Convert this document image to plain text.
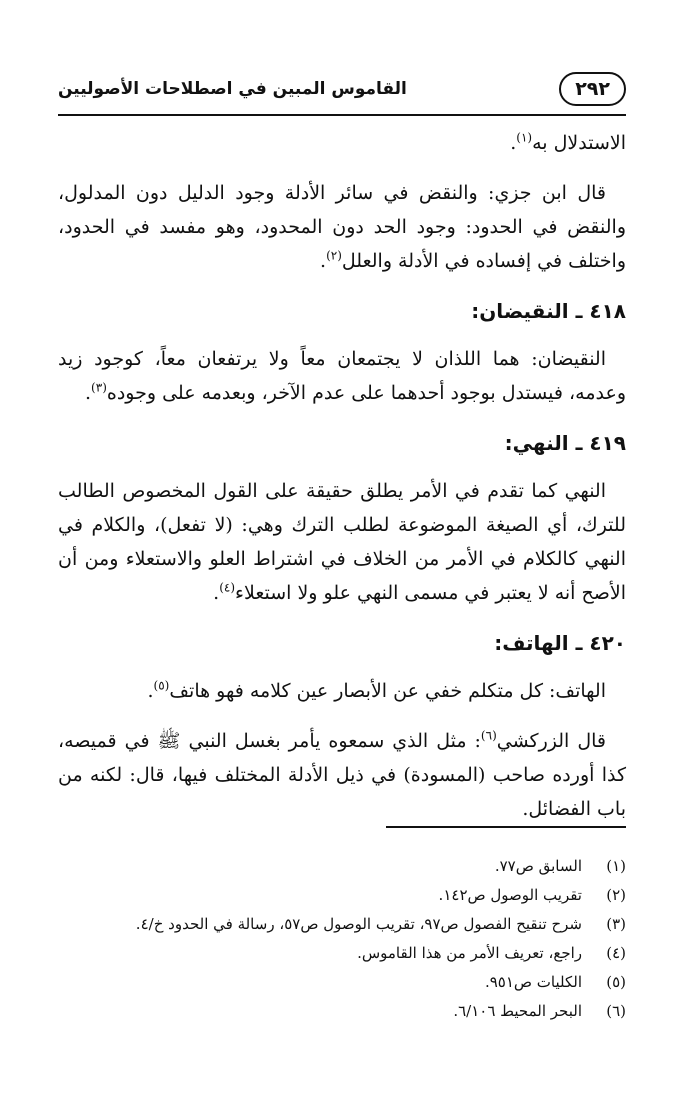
القاموس المبين في اصطلاحات الأصوليين	٢٩٢

الاستدلال به$^{(١)}$.

قال ابن جزي: والنقض في سائر الأدلة وجود الدليل دون المدلول، والنقض في الحدود: وجود الحد دون المحدود، وهو مفسد في الحدود، واختلف في إفساده في الأدلة والعلل$^{(٢)}$.

٤١٨ ـ النقيضان:

النقيضان: هما اللذان لا يجتمعان معاً ولا يرتفعان معاً، كوجود زيد وعدمه، فيستدل بوجود أحدهما على عدم الآخر، وبعدمه على وجوده$^{(٣)}$.

٤١٩ ـ النهي:

النهي كما تقدم في الأمر يطلق حقيقة على القول المخصوص الطالب للترك، أي الصيغة الموضوعة لطلب الترك وهي: (لا تفعل)، والكلام في النهي كالكلام في الأمر من الخلاف في اشتراط العلو والاستعلاء ومن أن الأصح أنه لا يعتبر في مسمى النهي علو ولا استعلاء$^{(٤)}$.

٤٢٠ ـ الهاتف:

الهاتف: كل متكلم خفي عن الأبصار عين كلامه فهو هاتف$^{(٥)}$.

قال الزركشي$^{(٦)}$: مثل الذي سمعوه يأمر بغسل النبي ﷺ في قميصه، كذا أورده صاحب (المسودة) في ذيل الأدلة المختلف فيها، قال: لكنه من باب الفضائل.

(١)
السابق ص٧٧.
(٢)
تقريب الوصول ص١٤٢.
(٣)
شرح تنقيح الفصول ص٩٧، تقريب الوصول ص٥٧، رسالة في الحدود خ/٤.
(٤)
راجع، تعريف الأمر من هذا القاموس.
(٥)
الكليات ص٩٥١.
(٦)
البحر المحيط ٦/١٠٦.
